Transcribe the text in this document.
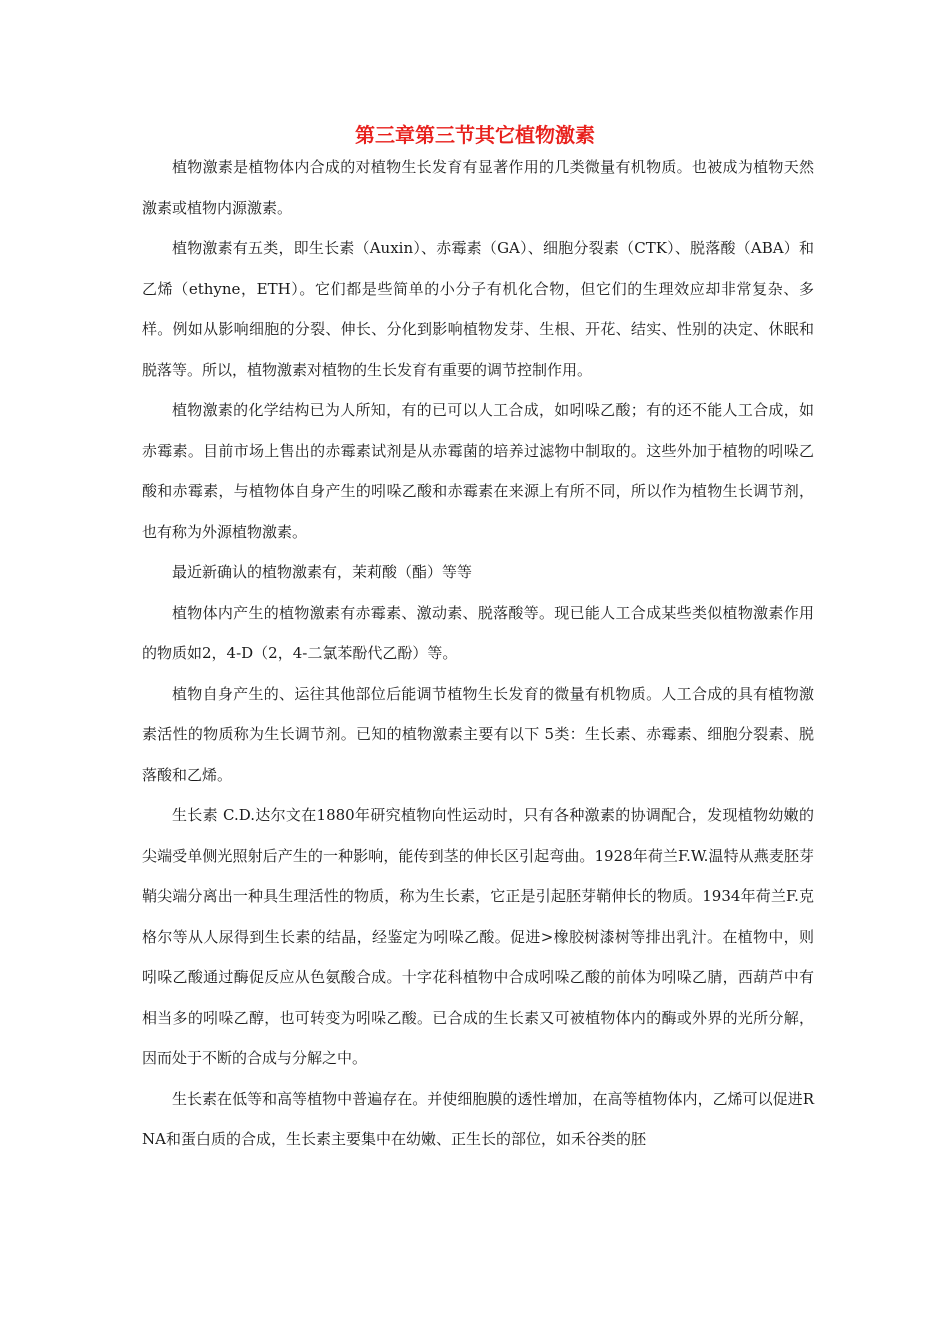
第三章第三节其它植物激素

植物激素是植物体内合成的对植物生长发育有显著作用的几类微量有机物质。也被成为植物天然激素或植物内源激素。

植物激素有五类，即生长素（Auxin）、赤霉素（GA）、细胞分裂素（CTK）、脱落酸（ABA）和乙烯（ethyne，ETH）。它们都是些简单的小分子有机化合物，但它们的生理效应却非常复杂、多样。例如从影响细胞的分裂、伸长、分化到影响植物发芽、生根、开花、结实、性别的决定、休眠和脱落等。所以，植物激素对植物的生长发育有重要的调节控制作用。

植物激素的化学结构已为人所知，有的已可以人工合成，如吲哚乙酸；有的还不能人工合成，如赤霉素。目前市场上售出的赤霉素试剂是从赤霉菌的培养过滤物中制取的。这些外加于植物的吲哚乙酸和赤霉素，与植物体自身产生的吲哚乙酸和赤霉素在来源上有所不同，所以作为植物生长调节剂，也有称为外源植物激素。

最近新确认的植物激素有，茉莉酸（酯）等等

植物体内产生的植物激素有赤霉素、激动素、脱落酸等。现已能人工合成某些类似植物激素作用的物质如2，4-D（2，4-二氯苯酚代乙酚）等。

植物自身产生的、运往其他部位后能调节植物生长发育的微量有机物质。人工合成的具有植物激素活性的物质称为生长调节剂。已知的植物激素主要有以下 5类：生长素、赤霉素、细胞分裂素、脱落酸和乙烯。

生长素 C.D.达尔文在1880年研究植物向性运动时，只有各种激素的协调配合，发现植物幼嫩的尖端受单侧光照射后产生的一种影响，能传到茎的伸长区引起弯曲。1928年荷兰F.W.温特从燕麦胚芽鞘尖端分离出一种具生理活性的物质，称为生长素，它正是引起胚芽鞘伸长的物质。1934年荷兰F.克格尔等从人尿得到生长素的结晶，经鉴定为吲哚乙酸。促进>橡胶树漆树等排出乳汁。在植物中，则吲哚乙酸通过酶促反应从色氨酸合成。十字花科植物中合成吲哚乙酸的前体为吲哚乙腈，西葫芦中有相当多的吲哚乙醇，也可转变为吲哚乙酸。已合成的生长素又可被植物体内的酶或外界的光所分解，因而处于不断的合成与分解之中。

生长素在低等和高等植物中普遍存在。并使细胞膜的透性增加，在高等植物体内，乙烯可以促进RNA和蛋白质的合成，生长素主要集中在幼嫩、正生长的部位，如禾谷类的胚
